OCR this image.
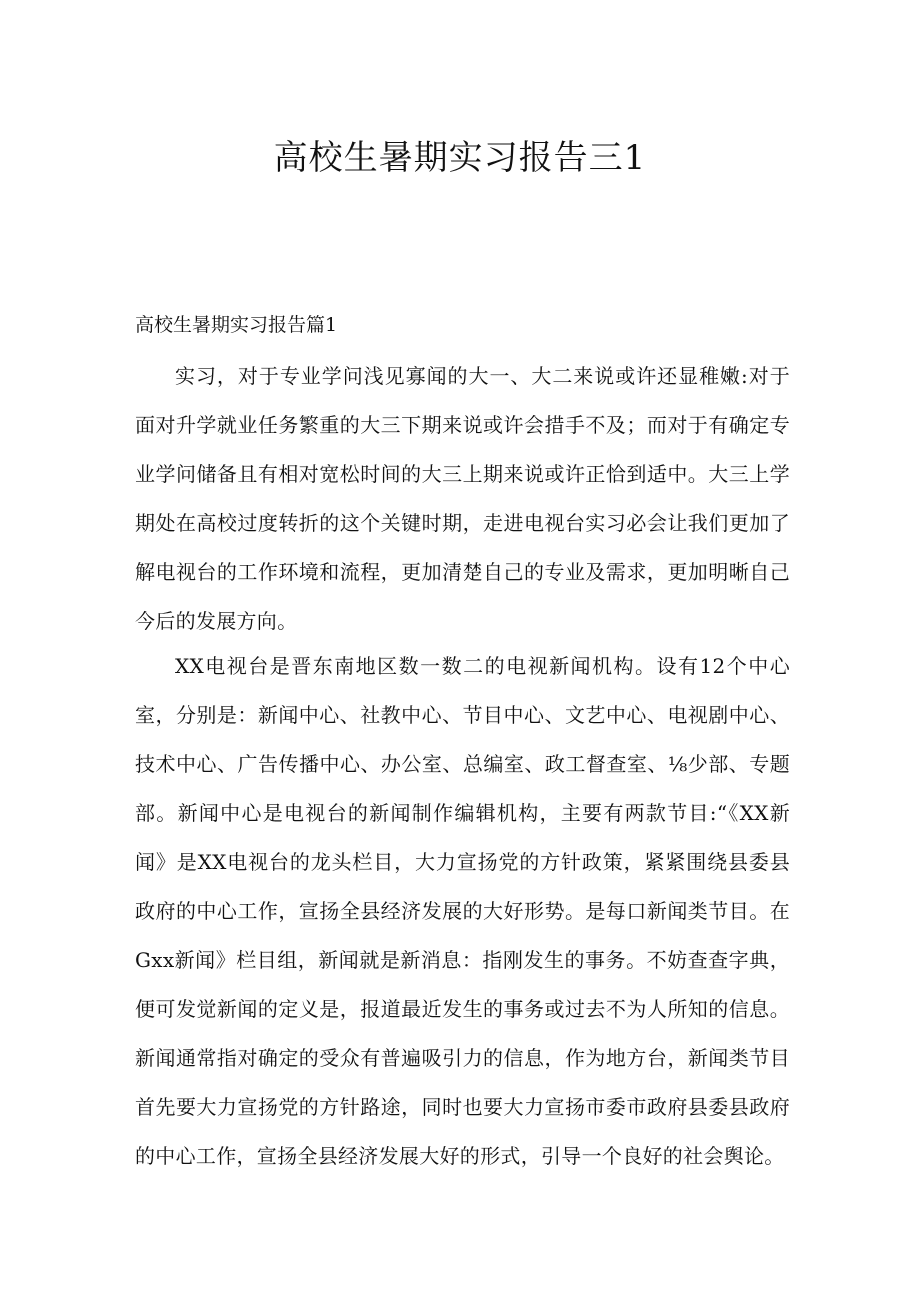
高校生暑期实习报告三1

高校生暑期实习报告篇1

实习，对于专业学问浅见寡闻的大一、大二来说或许还显稚嫩:对于面对升学就业任务繁重的大三下期来说或许会措手不及；而对于有确定专业学问储备且有相对宽松时间的大三上期来说或许正恰到适中。大三上学期处在高校过度转折的这个关键时期，走进电视台实习必会让我们更加了解电视台的工作环境和流程，更加清楚自己的专业及需求，更加明晰自己今后的发展方向。

XX电视台是晋东南地区数一数二的电视新闻机构。设有12个中心室，分别是：新闻中心、社教中心、节目中心、文艺中心、电视剧中心、技术中心、广告传播中心、办公室、总编室、政工督查室、⅛少部、专题部。新闻中心是电视台的新闻制作编辑机构，主要有两款节目:“《XX新闻》是XX电视台的龙头栏目，大力宣扬党的方针政策，紧紧围绕县委县政府的中心工作，宣扬全县经济发展的大好形势。是每口新闻类节目。在Gxx新闻》栏目组，新闻就是新消息：指刚发生的事务。不妨查查字典，便可发觉新闻的定义是，报道最近发生的事务或过去不为人所知的信息。新闻通常指对确定的受众有普遍吸引力的信息，作为地方台，新闻类节目首先要大力宣扬党的方针路途，同时也要大力宣扬市委市政府县委县政府的中心工作，宣扬全县经济发展大好的形式，引导一个良好的社会舆论。
